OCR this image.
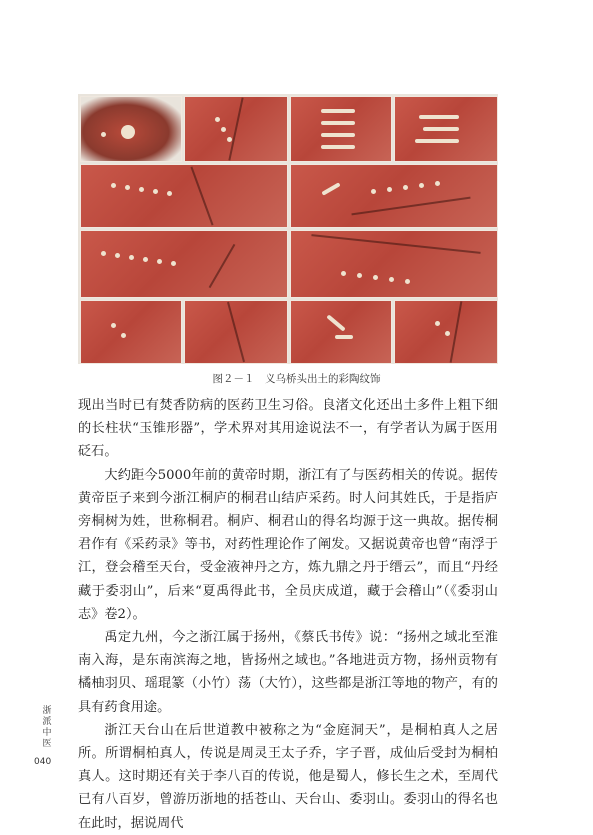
图２－１　义乌桥头出土的彩陶纹饰

现出当时已有焚香防病的医药卫生习俗。良渚文化还出土多件上粗下细的长柱状“玉锥形器”，学术界对其用途说法不一，有学者认为属于医用砭石。

大约距今5000年前的黄帝时期，浙江有了与医药相关的传说。据传黄帝臣子来到今浙江桐庐的桐君山结庐采药。时人问其姓氏，于是指庐旁桐树为姓，世称桐君。桐庐、桐君山的得名均源于这一典故。据传桐君作有《采药录》等书，对药性理论作了阐发。又据说黄帝也曾“南浮于江，登会稽至天台，受金液神丹之方，炼九鼎之丹于缙云”，而且“丹经藏于委羽山”，后来“夏禹得此书，全员庆成道，藏于会稽山”（《委羽山志》卷2）。

禹定九州，今之浙江属于扬州，《蔡氏书传》说：“扬州之域北至淮南入海，是东南滨海之地，皆扬州之域也。”各地进贡方物，扬州贡物有橘柚羽贝、瑶琨篆（小竹）荡（大竹），这些都是浙江等地的物产，有的具有药食用途。

浙江天台山在后世道教中被称之为“金庭洞天”，是桐柏真人之居所。所谓桐柏真人，传说是周灵王太子乔，字子晋，成仙后受封为桐柏真人。这时期还有关于李八百的传说，他是蜀人，修长生之术，至周代已有八百岁，曾游历浙地的括苍山、天台山、委羽山。委羽山的得名也在此时，据说周代

浙派中医
040
